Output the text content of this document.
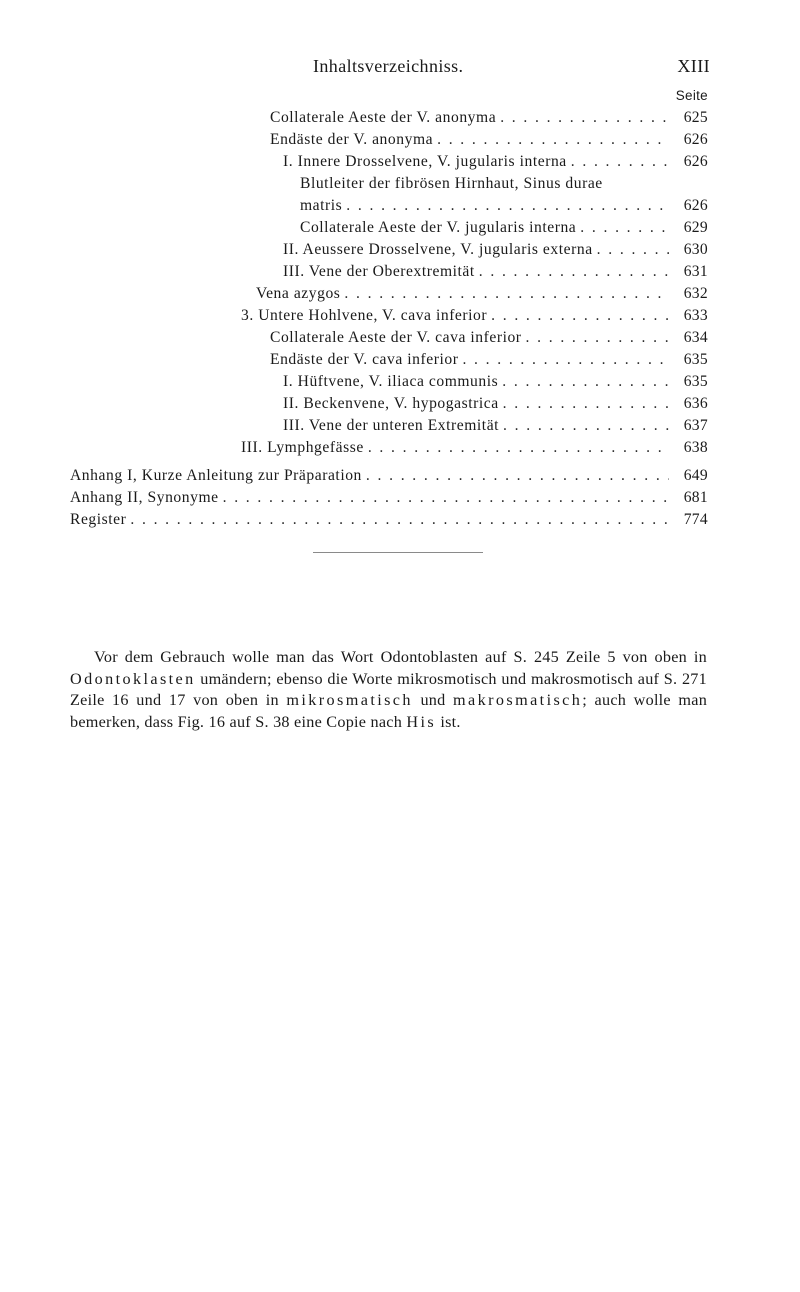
Inhaltsverzeichniss.	XIII
Seite
Collaterale Aeste der V. anonyma . . .	625
Endäste der V. anonyma . . .	626
I. Innere Drosselvene, V. jugularis interna . . .	626
Blutleiter der fibrösen Hirnhaut, Sinus durae
matris . . .	626
Collaterale Aeste der V. jugularis interna . . .	629
II. Aeussere Drosselvene, V. jugularis externa . . .	630
III. Vene der Oberextremität . . .	631
Vena azygos . . .	632
3. Untere Hohlvene, V. cava inferior . . .	633
Collaterale Aeste der V. cava inferior . . .	634
Endäste der V. cava inferior . . .	635
I. Hüftvene, V. iliaca communis . . .	635
II. Beckenvene, V. hypogastrica . . .	636
III. Vene der unteren Extremität . . .	637
III. Lymphgefässe . . .	638
Anhang I, Kurze Anleitung zur Präparation . . .	649
Anhang II, Synonyme . . .	681
Register . . .	774

Vor dem Gebrauch wolle man das Wort Odontoblasten auf S. 245 Zeile 5 von oben in Odontoklasten umändern; ebenso die Worte mikrosmotisch und makrosmotisch auf S. 271 Zeile 16 und 17 von oben in mikrosmatisch und makrosmatisch; auch wolle man bemerken, dass Fig. 16 auf S. 38 eine Copie nach His ist.
